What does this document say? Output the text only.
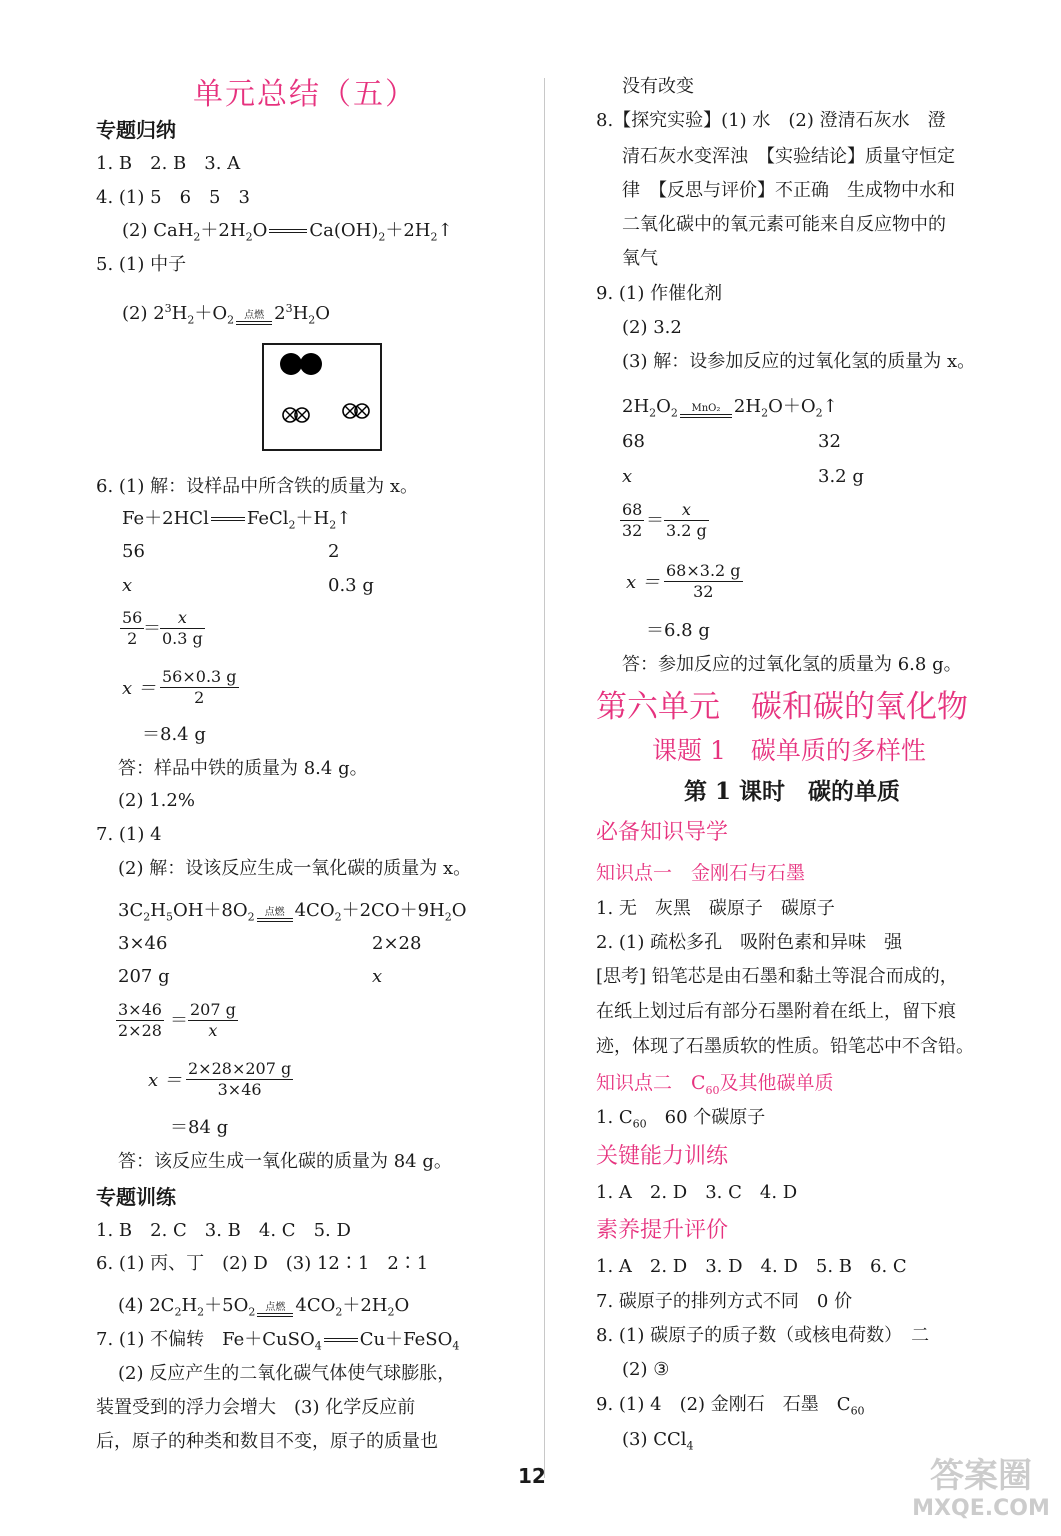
单元总结（五）
专题归纳
1. B　2. B　3. A
4. (1) 5　6　5　3
(2) $CaH_2+2H_2O$ $Ca(OH)_2+2H_2↑$
5. (1) 中子
(2) $2^3H_2+O_2$	点燃 $2^3H_2O$
6. (1) 解：设样品中所含铁的质量为 x。
Fe＋2HCl $FeCl_2+H_2↑$
56	2
x	0.3 g
$\frac{56}{2}$
＝ $\frac{x}{0.3 g}$
$x = \frac{56\times 0.3 g}{2}$
＝8.4 g
答：样品中铁的质量为 8.4 g。
(2) 1.2%
7. (1) 4
(2) 解：设该反应生成一氧化碳的质量为 x。
$3C_2H_5OH+8O_2$	点燃 $4CO_2+2CO+9H_2O$
3×46	2×28
207 g	x
$\frac{3\times 46}{2\times 28} = \frac{207 g}{x}$
$x = \frac{2\times 28\times 207 g}{3\times 46}$
＝84 g
答：该反应生成一氧化碳的质量为 84 g。
专题训练
1. B　2. C　3. B　4. C　5. D
6. (1) 丙、丁　(2) D　(3) 12∶1　2∶1
(4) $2C_2H_2+5O_2$	点燃 $4CO_2+2H_2O$
7. (1) 不偏转　Fe＋CuSO$_4$ Cu＋FeSO$_4$
(2) 反应产生的二氧化碳气体使气球膨胀，
装置受到的浮力会增大　(3) 化学反应前
后，原子的种类和数目不变，原子的质量也
没有改变
8.【探究实验】(1) 水　(2) 澄清石灰水　澄
清石灰水变浑浊　【实验结论】质量守恒定
律　【反思与评价】不正确　生成物中水和
二氧化碳中的氧元素可能来自反应物中的
氧气
9. (1) 作催化剂
(2) 3.2
(3) 解：设参加反应的过氧化氢的质量为 x。
$2H_2O_2$	MnO₂ $2H_2O+O_2↑$
68	32
x	3.2 g
$\frac{68}{32} = \frac{x}{3.2 g}$
$x = \frac{68\times 3.2 g}{32}$
＝6.8 g
答：参加反应的过氧化氢的质量为 6.8 g。
第六单元　碳和碳的氧化物
课题 1　碳单质的多样性
第 1 课时　碳的单质
必备知识导学
知识点一　金刚石与石墨
1. 无　灰黑　碳原子　碳原子
2. (1) 疏松多孔　吸附色素和异味　强
[思考] 铅笔芯是由石墨和黏土等混合而成的，
在纸上划过后有部分石墨附着在纸上，留下痕
迹，体现了石墨质软的性质。铅笔芯中不含铅。
知识点二　$C_{60}$及其他碳单质
1. $C_{60}$　60 个碳原子
关键能力训练
1. A　2. D　3. C　4. D
素养提升评价
1. A　2. D　3. D　4. D　5. B　6. C
7. 碳原子的排列方式不同　0 价
8. (1) 碳原子的质子数（或核电荷数）　二
(2) ③
9. (1) 4　(2) 金刚石　石墨　$C_{60}$
(3) CCl$_4$
12	答案圈
MXQE.COM
